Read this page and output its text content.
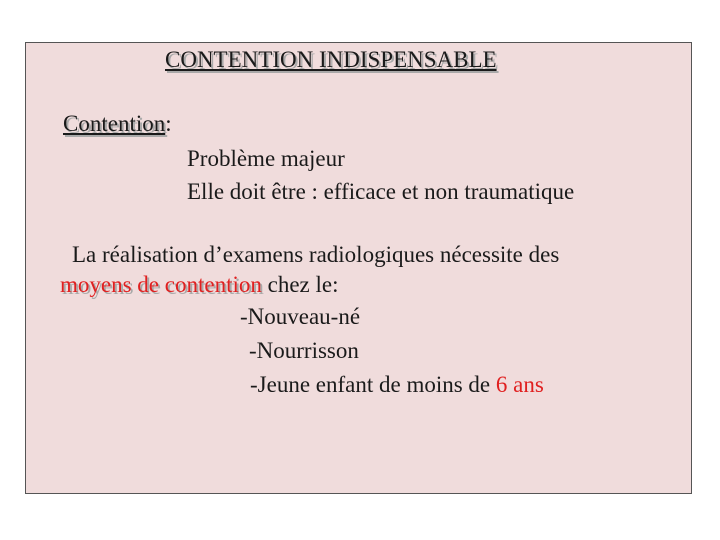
CONTENTION INDISPENSABLE
Contention:
Problème majeur
Elle doit être : efficace et non traumatique
La réalisation d’examens radiologiques nécessite des
moyens de contention chez le:
-Nouveau-né
-Nourrisson
-Jeune enfant de moins de 6 ans
